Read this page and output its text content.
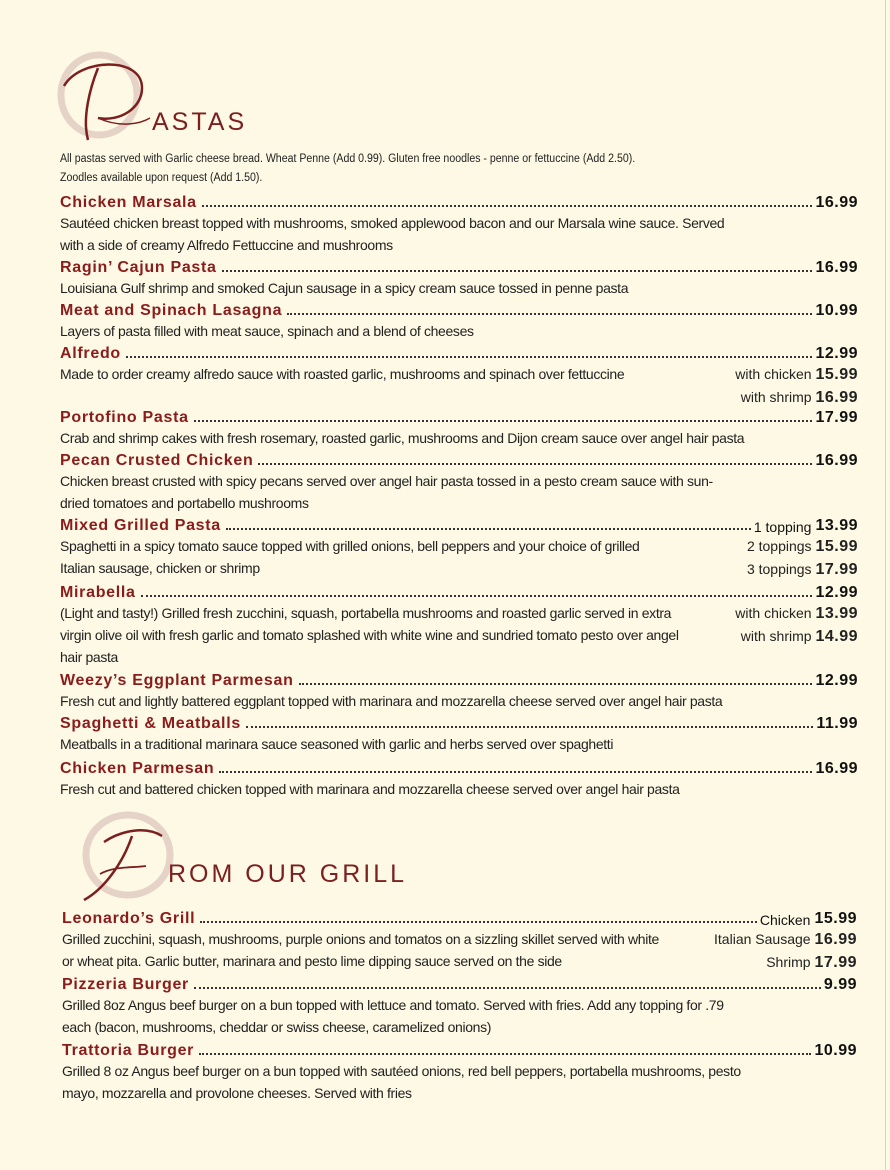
ASTAS
All pastas served with Garlic cheese bread. Wheat Penne (Add 0.99). Gluten free noodles - penne or fettuccine (Add 2.50).
Zoodles available upon request (Add 1.50).
Chicken Marsala	16.99
Sautéed chicken breast topped with mushrooms, smoked applewood bacon and our Marsala wine sauce. Served with a side of creamy Alfredo Fettuccine and mushrooms
Ragin’ Cajun Pasta	16.99
Louisiana Gulf shrimp and smoked Cajun sausage in a spicy cream sauce tossed in penne pasta
Meat and Spinach Lasagna	10.99
Layers of pasta filled with meat sauce, spinach and a blend of cheeses
Alfredo	12.99
Made to order creamy alfredo sauce with roasted garlic, mushrooms and spinach over fettuccine	with chicken 15.99
with shrimp 16.99
Portofino Pasta	17.99
Crab and shrimp cakes with fresh rosemary, roasted garlic, mushrooms and Dijon cream sauce over angel hair pasta
Pecan Crusted Chicken	16.99
Chicken breast crusted with spicy pecans served over angel hair pasta tossed in a pesto cream sauce with sun-dried tomatoes and portabello mushrooms
Mixed Grilled Pasta	1 topping 13.99
Spaghetti in a spicy tomato sauce topped with grilled onions, bell peppers and your choice of grilled Italian sausage, chicken or shrimp
2 toppings 15.99
3 toppings 17.99
Mirabella	12.99
(Light and tasty!) Grilled fresh zucchini, squash, portabella mushrooms and roasted garlic served in extra virgin olive oil with fresh garlic and tomato splashed with white wine and sundried tomato pesto over angel hair pasta
with chicken 13.99
with shrimp 14.99
Weezy’s Eggplant Parmesan	12.99
Fresh cut and lightly battered eggplant topped with marinara and mozzarella cheese served over angel hair pasta
Spaghetti & Meatballs	11.99
Meatballs in a traditional marinara sauce seasoned with garlic and herbs served over spaghetti
Chicken Parmesan	16.99
Fresh cut and battered chicken topped with marinara and mozzarella cheese served over angel hair pasta
ROM OUR GRILL
Leonardo’s Grill	Chicken 15.99
Grilled zucchini, squash, mushrooms, purple onions and tomatos on a sizzling skillet served with white or wheat pita. Garlic butter, marinara and pesto lime dipping sauce served on the side
Italian Sausage 16.99
Shrimp 17.99
Pizzeria Burger	9.99
Grilled 8oz Angus beef burger on a bun topped with lettuce and tomato. Served with fries. Add any topping for .79 each (bacon, mushrooms, cheddar or swiss cheese, caramelized onions)
Trattoria Burger	10.99
Grilled 8 oz Angus beef burger on a bun topped with sautéed onions, red bell peppers, portabella mushrooms, pesto mayo, mozzarella and provolone cheeses. Served with fries
